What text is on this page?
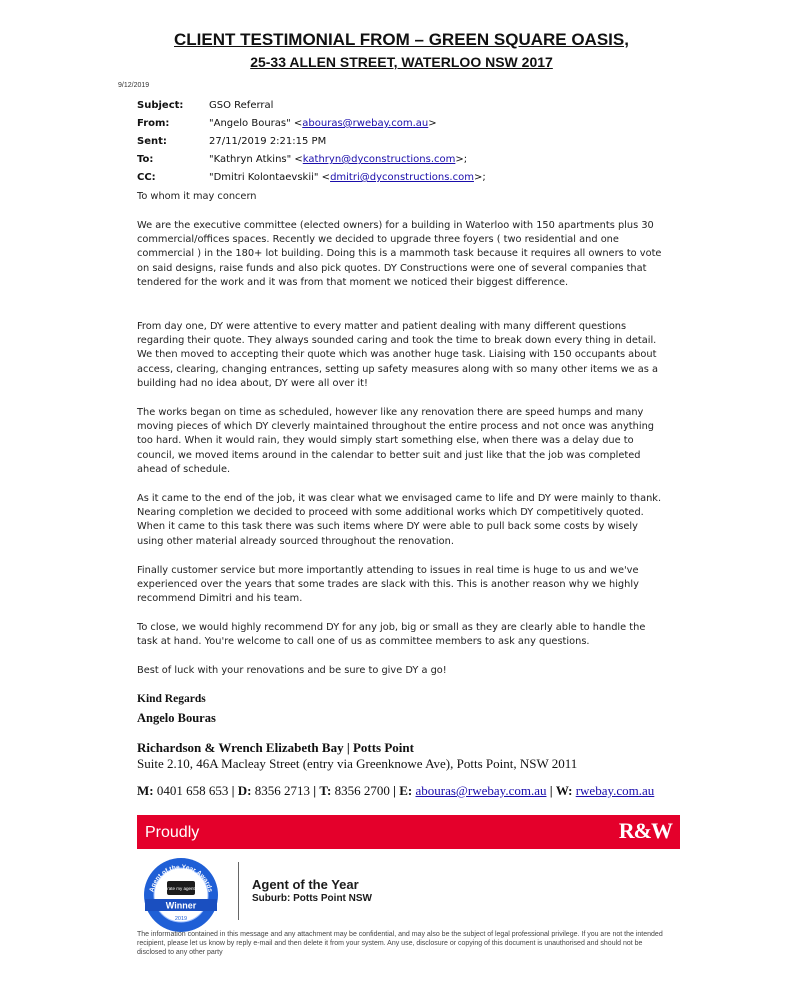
CLIENT TESTIMONIAL FROM – GREEN SQUARE OASIS,
25-33 ALLEN STREET, WATERLOO NSW 2017
9/12/2019
Subject:	GSO Referral
From:	"Angelo Bouras" <abouras@rwebay.com.au>
Sent:	27/11/2019 2:21:15 PM
To:	"Kathryn Atkins" <kathryn@dyconstructions.com>;
CC:	"Dmitri Kolontaevskii" <dmitri@dyconstructions.com>;

To whom it may concern

We are the executive committee (elected owners) for a building in Waterloo with 150 apartments plus 30 commercial/offices spaces. Recently we decided to upgrade three foyers ( two residential and one commercial ) in the 180+ lot building. Doing this is a mammoth task because it requires all owners to vote on said designs, raise funds and also pick quotes. DY Constructions were one of several companies that tendered for the work and it was from that moment we noticed their biggest difference.

From day one, DY were attentive to every matter and patient dealing with many different questions regarding their quote. They always sounded caring and took the time to break down every thing in detail. We then moved to accepting their quote which was another huge task. Liaising with 150 occupants about access, clearing, changing entrances, setting up safety measures along with so many other items we as a building had no idea about, DY were all over it!

The works began on time as scheduled, however like any renovation there are speed humps and many moving pieces of which DY cleverly maintained throughout the entire process and not once was anything too hard. When it would rain, they would simply start something else, when there was a delay due to council, we moved items around in the calendar to better suit and just like that the job was completed ahead of schedule.

As it came to the end of the job, it was clear what we envisaged came to life and DY were mainly to thank. Nearing completion we decided to proceed with some additional works which DY competitively quoted. When it came to this task there was such items where DY were able to pull back some costs by wisely using other material already sourced throughout the renovation.

Finally customer service but more importantly attending to issues in real time is huge to us and we've experienced over the years that some trades are slack with this. This is another reason why we highly recommend Dimitri and his team.

To close, we would highly recommend DY for any job, big or small as they are clearly able to handle the task at hand. You're welcome to call one of us as committee members to ask any questions.

Best of luck with your renovations and be sure to give DY a go!

Kind Regards
Angelo Bouras
Richardson & Wrench Elizabeth Bay | Potts Point
Suite 2.10, 46A Macleay Street (entry via Greenknowe Ave), Potts Point, NSW 2011
M: 0401 658 653 | D: 8356 2713 | T: 8356 2700 | E: abouras@rwebay.com.au | W: rwebay.com.au
Proudly	R&W
Agent of the Year Awards
rate my agent
Winner
2019
Agent of the Year
Suburb: Potts Point NSW
The information contained in this message and any attachment may be confidential, and may also be the subject of legal professional privilege. If you are not the intended recipient, please let us know by reply e-mail and then delete it from your system. Any use, disclosure or copying of this document is unauthorised and should not be disclosed to any other party
